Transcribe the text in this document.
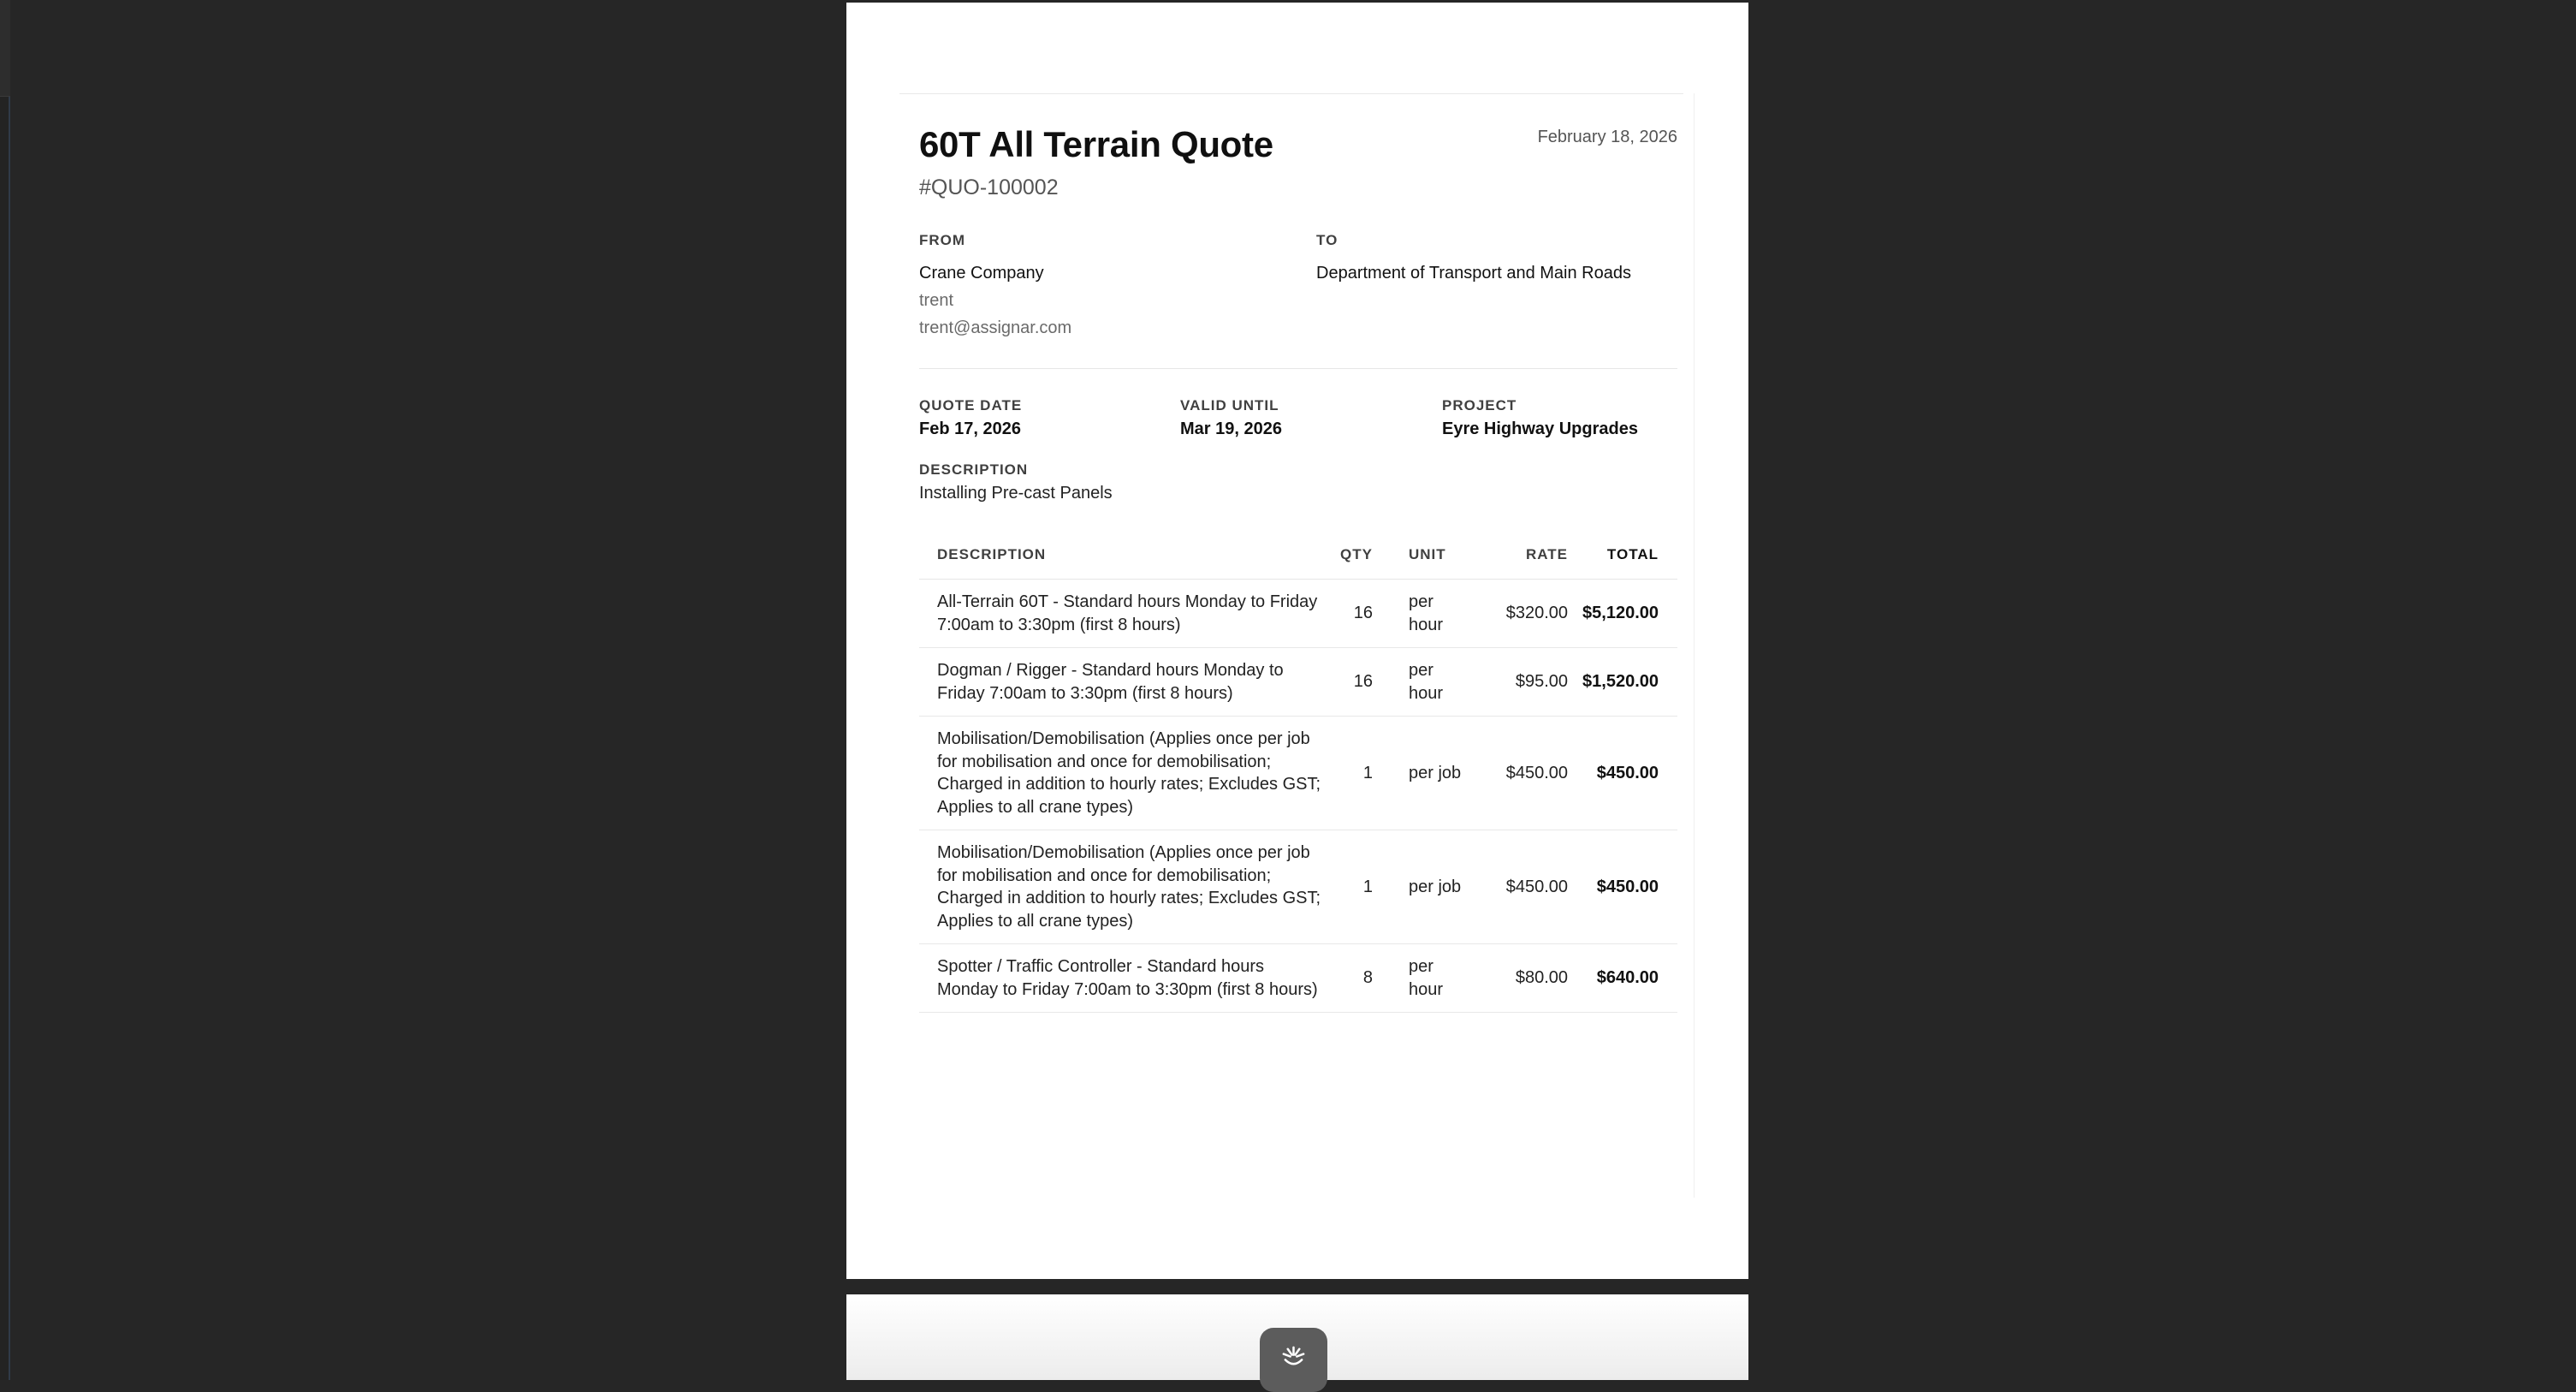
60T All Terrain Quote
#QUO-100002
February 18, 2026
FROM
Crane Company
trent
trent@assignar.com
TO
Department of Transport and Main Roads
QUOTE DATE
Feb 17, 2026
VALID UNTIL
Mar 19, 2026
PROJECT
Eyre Highway Upgrades
DESCRIPTION
Installing Pre-cast Panels
DESCRIPTION	QTY	UNIT	RATE	TOTAL
All-Terrain 60T - Standard hours Monday to Friday 7:00am to 3:30pm (first 8 hours)	16	per hour	$320.00	$5,120.00
Dogman / Rigger - Standard hours Monday to Friday 7:00am to 3:30pm (first 8 hours)	16	per hour	$95.00	$1,520.00
Mobilisation/Demobilisation (Applies once per job for mobilisation and once for demobilisation; Charged in addition to hourly rates; Excludes GST; Applies to all crane types)	1	per job	$450.00	$450.00
Mobilisation/Demobilisation (Applies once per job for mobilisation and once for demobilisation; Charged in addition to hourly rates; Excludes GST; Applies to all crane types)	1	per job	$450.00	$450.00
Spotter / Traffic Controller - Standard hours Monday to Friday 7:00am to 3:30pm (first 8 hours)	8	per hour	$80.00	$640.00
